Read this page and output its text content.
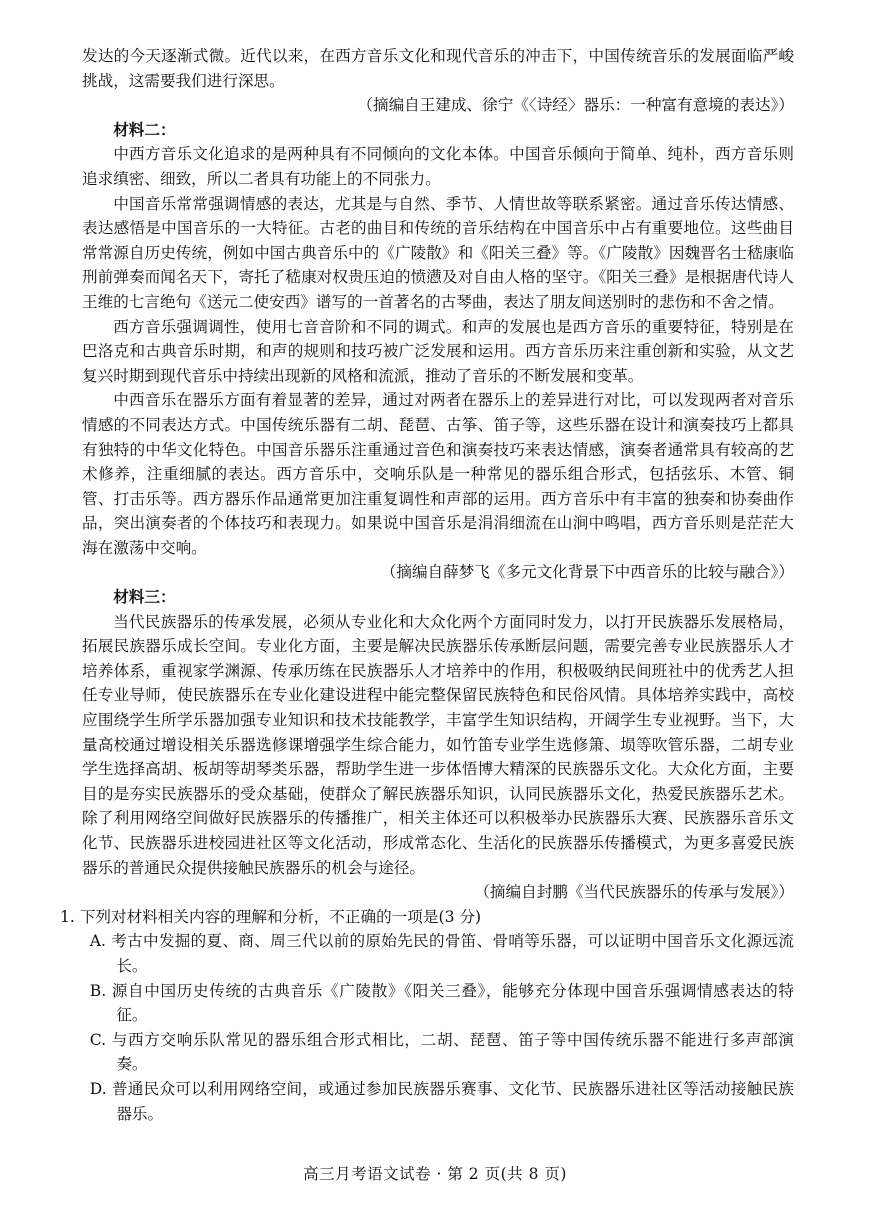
发达的今天逐渐式微。近代以来，在西方音乐文化和现代音乐的冲击下，中国传统音乐的发展面临严峻挑战，这需要我们进行深思。

（摘编自王建成、徐宁《〈诗经〉器乐：一种富有意境的表达》）

材料二：

中西方音乐文化追求的是两种具有不同倾向的文化本体。中国音乐倾向于简单、纯朴，西方音乐则追求缜密、细致，所以二者具有功能上的不同张力。

中国音乐常常强调情感的表达，尤其是与自然、季节、人情世故等联系紧密。通过音乐传达情感、表达感悟是中国音乐的一大特征。古老的曲目和传统的音乐结构在中国音乐中占有重要地位。这些曲目常常源自历史传统，例如中国古典音乐中的《广陵散》和《阳关三叠》等。《广陵散》因魏晋名士嵇康临刑前弹奏而闻名天下，寄托了嵇康对权贵压迫的愤懑及对自由人格的坚守。《阳关三叠》是根据唐代诗人王维的七言绝句《送元二使安西》谱写的一首著名的古琴曲，表达了朋友间送别时的悲伤和不舍之情。

西方音乐强调调性，使用七音音阶和不同的调式。和声的发展也是西方音乐的重要特征，特别是在巴洛克和古典音乐时期，和声的规则和技巧被广泛发展和运用。西方音乐历来注重创新和实验，从文艺复兴时期到现代音乐中持续出现新的风格和流派，推动了音乐的不断发展和变革。

中西音乐在器乐方面有着显著的差异，通过对两者在器乐上的差异进行对比，可以发现两者对音乐情感的不同表达方式。中国传统乐器有二胡、琵琶、古筝、笛子等，这些乐器在设计和演奏技巧上都具有独特的中华文化特色。中国音乐器乐注重通过音色和演奏技巧来表达情感，演奏者通常具有较高的艺术修养，注重细腻的表达。西方音乐中，交响乐队是一种常见的器乐组合形式，包括弦乐、木管、铜管、打击乐等。西方器乐作品通常更加注重复调性和声部的运用。西方音乐中有丰富的独奏和协奏曲作品，突出演奏者的个体技巧和表现力。如果说中国音乐是涓涓细流在山涧中鸣唱，西方音乐则是茫茫大海在激荡中交响。

（摘编自薛梦飞《多元文化背景下中西音乐的比较与融合》）

材料三：

当代民族器乐的传承发展，必须从专业化和大众化两个方面同时发力，以打开民族器乐发展格局，拓展民族器乐成长空间。专业化方面，主要是解决民族器乐传承断层问题，需要完善专业民族器乐人才培养体系，重视家学渊源、传承历练在民族器乐人才培养中的作用，积极吸纳民间班社中的优秀艺人担任专业导师，使民族器乐在专业化建设进程中能完整保留民族特色和民俗风情。具体培养实践中，高校应围绕学生所学乐器加强专业知识和技术技能教学，丰富学生知识结构，开阔学生专业视野。当下，大量高校通过增设相关乐器选修课增强学生综合能力，如竹笛专业学生选修箫、埙等吹管乐器，二胡专业学生选择高胡、板胡等胡琴类乐器，帮助学生进一步体悟博大精深的民族器乐文化。大众化方面，主要目的是夯实民族器乐的受众基础，使群众了解民族器乐知识，认同民族器乐文化，热爱民族器乐艺术。除了利用网络空间做好民族器乐的传播推广，相关主体还可以积极举办民族器乐大赛、民族器乐音乐文化节、民族器乐进校园进社区等文化活动，形成常态化、生活化的民族器乐传播模式，为更多喜爱民族器乐的普通民众提供接触民族器乐的机会与途径。

（摘编自封鹏《当代民族器乐的传承与发展》）

1. 下列对材料相关内容的理解和分析，不正确的一项是(3 分)

A. 考古中发掘的夏、商、周三代以前的原始先民的骨笛、骨哨等乐器，可以证明中国音乐文化源远流长。

B. 源自中国历史传统的古典音乐《广陵散》《阳关三叠》，能够充分体现中国音乐强调情感表达的特征。

C. 与西方交响乐队常见的器乐组合形式相比，二胡、琵琶、笛子等中国传统乐器不能进行多声部演奏。

D. 普通民众可以利用网络空间，或通过参加民族器乐赛事、文化节、民族器乐进社区等活动接触民族器乐。

高三月考语文试卷 · 第 2 页(共 8 页)
